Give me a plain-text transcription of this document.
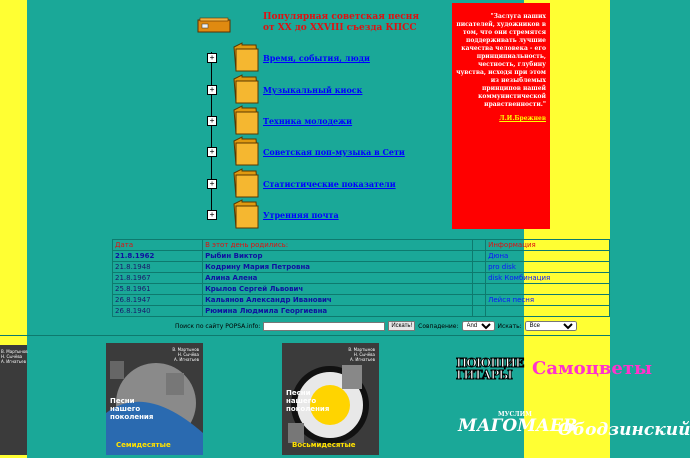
Популярная советская песня
от ХХ до ХXVIII съезда КПСС
+	Время, события, люди
+	Музыкальный киоск
+	Техника молодежи
+	Советская поп-музыка в Сети
+	Статистические показатели
+	Утренняя почта
"Заслуга наших писателей, художников в том, что они стремятся поддерживать лучшие качества человека - его принципиальность, честность, глубину чувства, исходя при этом из незыблемых принципов нашей коммунистической нравственности."
Л.И.Брежнев
Дата	В этот день родились:		Информация
21.8.1962	Рыбин Виктор		Дюна
21.8.1948	Кодрину Мария Петровна		pro disk
21.8.1967	Алина Алена		disk Комбинация
25.8.1961	Крылов Сергей Львович		
26.8.1947	Кальянов Александр Иванович		Лейся песня
26.8.1940	Рюмина Людмила Георгиевна		
Поиск по сайту POPSA.info:	Искать!	Совпадение:
And	Искать:
Все
В. Мартынов
Н. Сычёва
А. Игнатьев
В. Мартынов
Н. Сычёва
А. Игнатьев
Песни нашего поколения
Семидесятые
В. Мартынов
Н. Сычёва
А. Игнатьев
Песни нашего поколения
Восьмидесятые
ПОЮЩИЕ ГИТАРЫ	Самоцветы
МУСЛИМ
МАГОМАЕВ
Ободзинский
